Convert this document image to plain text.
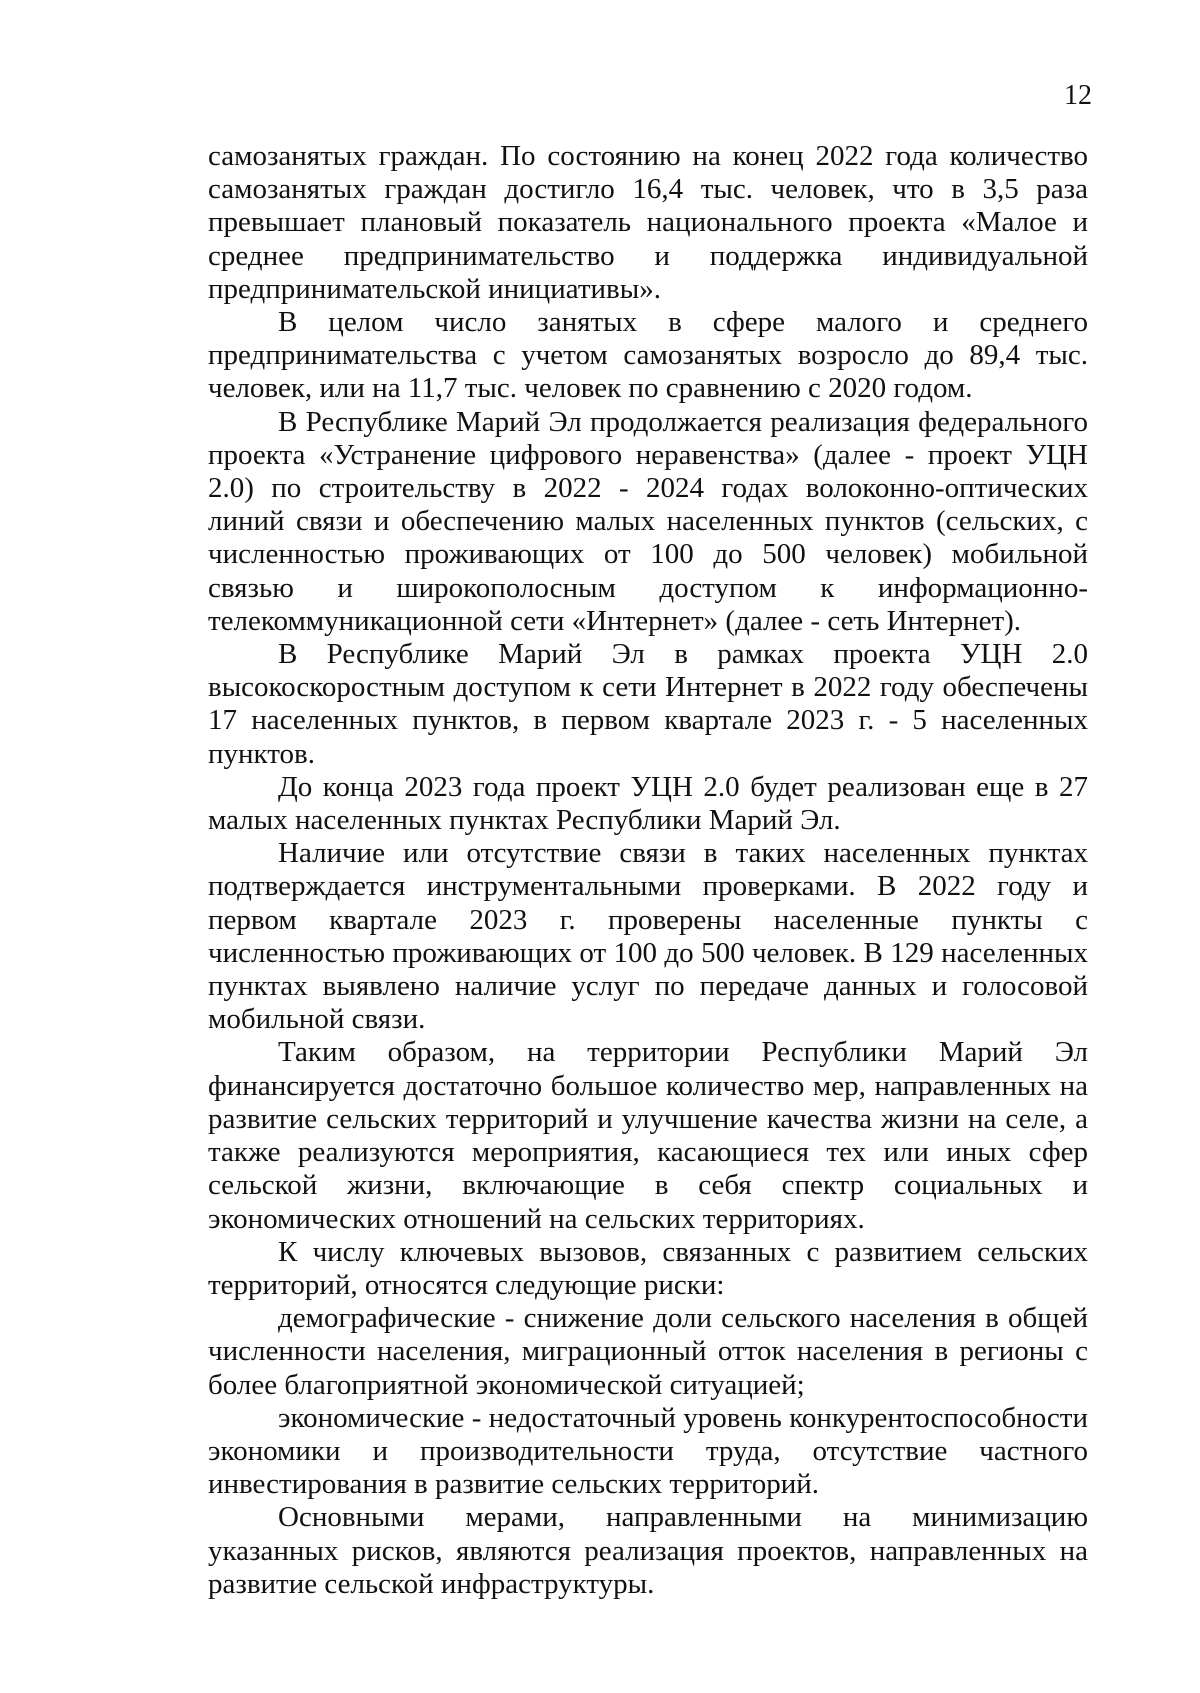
12

самозанятых граждан. По состоянию на конец 2022 года количество самозанятых граждан достигло 16,4 тыс. человек, что в 3,5 раза превышает плановый показатель национального проекта «Малое и среднее предпринимательство и поддержка индивидуальной предпринимательской инициативы».

В целом число занятых в сфере малого и среднего предпринимательства с учетом самозанятых возросло до 89,4 тыс. человек, или на 11,7 тыс. человек по сравнению с 2020 годом.

В Республике Марий Эл продолжается реализация федерального проекта «Устранение цифрового неравенства» (далее - проект УЦН 2.0) по строительству в 2022 - 2024 годах волоконно-оптических линий связи и обеспечению малых населенных пунктов (сельских, с численностью проживающих от 100 до 500 человек) мобильной связью и широкополосным доступом к информационно-телекоммуникационной сети «Интернет» (далее - сеть Интернет).

В Республике Марий Эл в рамках проекта УЦН 2.0 высокоскоростным доступом к сети Интернет в 2022 году обеспечены 17 населенных пунктов, в первом квартале 2023 г. - 5 населенных пунктов.

До конца 2023 года проект УЦН 2.0 будет реализован еще в 27 малых населенных пунктах Республики Марий Эл.

Наличие или отсутствие связи в таких населенных пунктах подтверждается инструментальными проверками. В 2022 году и первом квартале 2023 г. проверены населенные пункты с численностью проживающих от 100 до 500 человек. В 129 населенных пунктах выявлено наличие услуг по передаче данных и голосовой мобильной связи.

Таким образом, на территории Республики Марий Эл финансируется достаточно большое количество мер, направленных на развитие сельских территорий и улучшение качества жизни на селе, а также реализуются мероприятия, касающиеся тех или иных сфер сельской жизни, включающие в себя спектр социальных и экономических отношений на сельских территориях.

К числу ключевых вызовов, связанных с развитием сельских территорий, относятся следующие риски:

демографические - снижение доли сельского населения в общей численности населения, миграционный отток населения в регионы с более благоприятной экономической ситуацией;

экономические - недостаточный уровень конкурентоспособности экономики и производительности труда, отсутствие частного инвестирования в развитие сельских территорий.

Основными мерами, направленными на минимизацию указанных рисков, являются реализация проектов, направленных на развитие сельской инфраструктуры.
